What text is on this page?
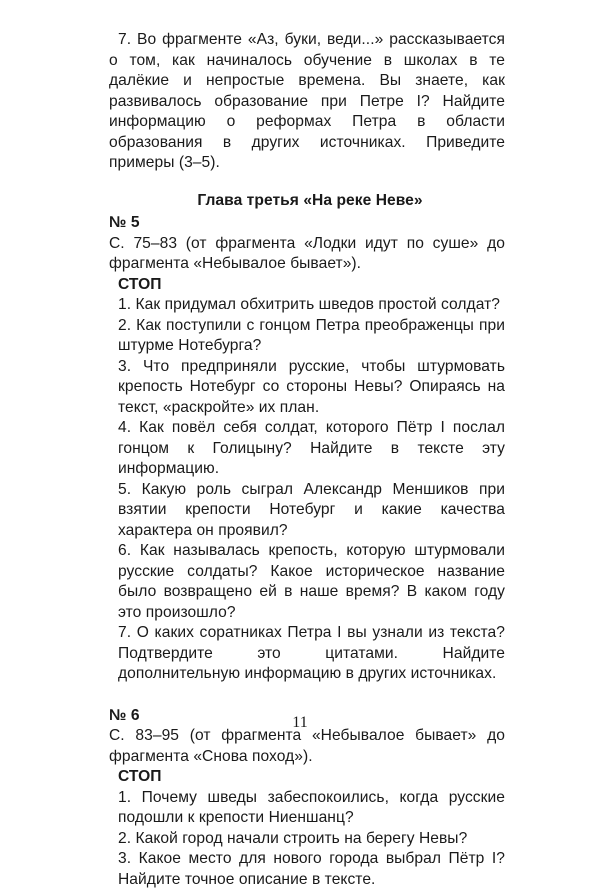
7. Во фрагменте «Аз, буки, веди...» рассказывается о том, как начиналось обучение в школах в те далёкие и непростые времена. Вы знаете, как развивалось образование при Петре I? Найдите информацию о реформах Петра в области образования в других источниках. Приведите примеры (3–5).

Глава третья «На реке Неве»

№ 5

С. 75–83 (от фрагмента «Лодки идут по суше» до фрагмента «Небывалое бывает»).

СТОП

1. Как придумал обхитрить шведов простой солдат?
2. Как поступили с гонцом Петра преображенцы при штурме Нотебурга?
3. Что предприняли русские, чтобы штурмовать крепость Нотебург со стороны Невы? Опираясь на текст, «раскройте» их план.
4. Как повёл себя солдат, которого Пётр I послал гонцом к Голицыну? Найдите в тексте эту информацию.
5. Какую роль сыграл Александр Меншиков при взятии крепости Нотебург и какие качества характера он проявил?
6. Как называлась крепость, которую штурмовали русские солдаты? Какое историческое название было возвращено ей в наше время? В каком году это произошло?
7. О каких соратниках Петра I вы узнали из текста? Подтвердите это цитатами. Найдите дополнительную информацию в других источниках.

№ 6

С. 83–95 (от фрагмента «Небывалое бывает» до фрагмента «Снова поход»).

СТОП

1. Почему шведы забеспокоились, когда русские подошли к крепости Ниеншанц?
2. Какой город начали строить на берегу Невы?
3. Какое место для нового города выбрал Пётр I? Найдите точное описание в тексте.
11
